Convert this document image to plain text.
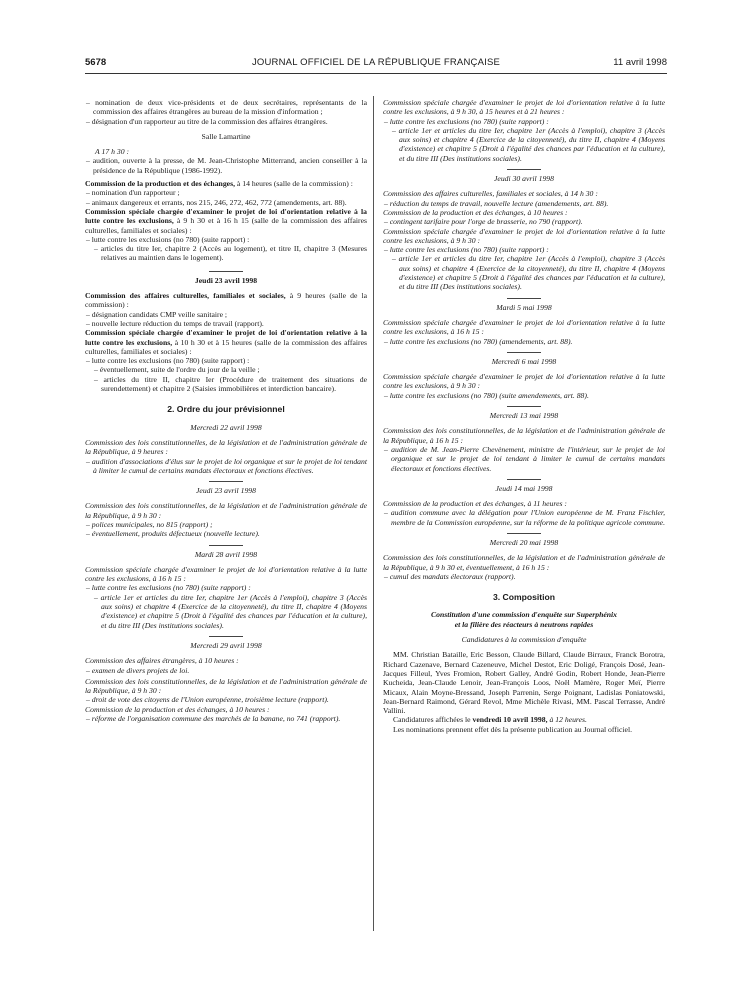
5678	JOURNAL OFFICIEL DE LA RÉPUBLIQUE FRANÇAISE	11 avril 1998

– nomination de deux vice-présidents et de deux secrétaires, représentants de la commission des affaires étrangères au bureau de la mission d'information ;

– désignation d'un rapporteur au titre de la commission des affaires étrangères.

Salle Lamartine

A 17 h 30 :

– audition, ouverte à la presse, de M. Jean-Christophe Mitterrand, ancien conseiller à la présidence de la République (1986-1992).

Commission de la production et des échanges, à 14 heures (salle de la commission) :

– nomination d'un rapporteur ;

– animaux dangereux et errants, nos 215, 246, 272, 462, 772 (amendements, art. 88).

Commission spéciale chargée d'examiner le projet de loi d'orientation relative à la lutte contre les exclusions, à 9 h 30 et à 16 h 15 (salle de la commission des affaires culturelles, familiales et sociales) :

– lutte contre les exclusions (no 780) (suite rapport) :

– articles du titre Ier, chapitre 2 (Accès au logement), et titre II, chapitre 3 (Mesures relatives au maintien dans le logement).

Jeudi 23 avril 1998

Commission des affaires culturelles, familiales et sociales, à 9 heures (salle de la commission) :

– désignation candidats CMP veille sanitaire ;

– nouvelle lecture réduction du temps de travail (rapport).

Commission spéciale chargée d'examiner le projet de loi d'orientation relative à la lutte contre les exclusions, à 10 h 30 et à 15 heures (salle de la commission des affaires culturelles, familiales et sociales) :

– lutte contre les exclusions (no 780) (suite rapport) :

– éventuellement, suite de l'ordre du jour de la veille ;

– articles du titre II, chapitre Ier (Procédure de traitement des situations de surendettement) et chapitre 2 (Saisies immobilières et interdiction bancaire).

2. Ordre du jour prévisionnel

Mercredi 22 avril 1998

Commission des lois constitutionnelles, de la législation et de l'administration générale de la République, à 9 heures :

– audition d'associations d'élus sur le projet de loi organique et sur le projet de loi tendant à limiter le cumul de certains mandats électoraux et fonctions électives.

Jeudi 23 avril 1998

Commission des lois constitutionnelles, de la législation et de l'administration générale de la République, à 9 h 30 :

– polices municipales, no 815 (rapport) ;

– éventuellement, produits défectueux (nouvelle lecture).

Mardi 28 avril 1998

Commission spéciale chargée d'examiner le projet de loi d'orientation relative à la lutte contre les exclusions, à 16 h 15 :

– lutte contre les exclusions (no 780) (suite rapport) :

– article 1er et articles du titre Ier, chapitre 1er (Accès à l'emploi), chapitre 3 (Accès aux soins) et chapitre 4 (Exercice de la citoyenneté), du titre II, chapitre 4 (Moyens d'existence) et chapitre 5 (Droit à l'égalité des chances par l'éducation et la culture), et du titre III (Des institutions sociales).

Mercredi 29 avril 1998

Commission des affaires étrangères, à 10 heures :

– examen de divers projets de loi.

Commission des lois constitutionnelles, de la législation et de l'administration générale de la République, à 9 h 30 :

– droit de vote des citoyens de l'Union européenne, troisième lecture (rapport).

Commission de la production et des échanges, à 10 heures :

– réforme de l'organisation commune des marchés de la banane, no 741 (rapport).

Commission spéciale chargée d'examiner le projet de loi d'orientation relative à la lutte contre les exclusions, à 9 h 30, à 15 heures et à 21 heures :

– lutte contre les exclusions (no 780) (suite rapport) :

– article 1er et articles du titre Ier, chapitre 1er (Accès à l'emploi), chapitre 3 (Accès aux soins) et chapitre 4 (Exercice de la citoyenneté), du titre II, chapitre 4 (Moyens d'existence) et chapitre 5 (Droit à l'égalité des chances par l'éducation et la culture), et du titre III (Des institutions sociales).

Jeudi 30 avril 1998

Commission des affaires culturelles, familiales et sociales, à 14 h 30 :

– réduction du temps de travail, nouvelle lecture (amendements, art. 88).

Commission de la production et des échanges, à 10 heures :

– contingent tarifaire pour l'orge de brasserie, no 790 (rapport).

Commission spéciale chargée d'examiner le projet de loi d'orientation relative à la lutte contre les exclusions, à 9 h 30 :

– lutte contre les exclusions (no 780) (suite rapport) :

– article 1er et articles du titre Ier, chapitre 1er (Accès à l'emploi), chapitre 3 (Accès aux soins) et chapitre 4 (Exercice de la citoyenneté), du titre II, chapitre 4 (Moyens d'existence) et chapitre 5 (Droit à l'égalité des chances par l'éducation et la culture), et du titre III (Des institutions sociales).

Mardi 5 mai 1998

Commission spéciale chargée d'examiner le projet de loi d'orientation relative à la lutte contre les exclusions, à 16 h 15 :

– lutte contre les exclusions (no 780) (amendements, art. 88).

Mercredi 6 mai 1998

Commission spéciale chargée d'examiner le projet de loi d'orientation relative à la lutte contre les exclusions, à 9 h 30 :

– lutte contre les exclusions (no 780) (suite amendements, art. 88).

Mercredi 13 mai 1998

Commission des lois constitutionnelles, de la législation et de l'administration générale de la République, à 16 h 15 :

– audition de M. Jean-Pierre Chevènement, ministre de l'intérieur, sur le projet de loi organique et sur le projet de loi tendant à limiter le cumul de certains mandats électoraux et fonctions électives.

Jeudi 14 mai 1998

Commission de la production et des échanges, à 11 heures :

– audition commune avec la délégation pour l'Union européenne de M. Franz Fischler, membre de la Commission européenne, sur la réforme de la politique agricole commune.

Mercredi 20 mai 1998

Commission des lois constitutionnelles, de la législation et de l'administration générale de la République, à 9 h 30 et, éventuellement, à 16 h 15 :

– cumul des mandats électoraux (rapport).

3. Composition

Constitution d'une commission d'enquête sur Superphénix

et la filière des réacteurs à neutrons rapides

Candidatures à la commission d'enquête

MM. Christian Bataille, Eric Besson, Claude Billard, Claude Birraux, Franck Borotra, Richard Cazenave, Bernard Cazeneuve, Michel Destot, Eric Doligé, François Dosé, Jean-Jacques Filleul, Yves Fromion, Robert Galley, André Godin, Robert Honde, Jean-Pierre Kucheida, Jean-Claude Lenoir, Jean-François Loos, Noël Mamère, Roger Meï, Pierre Micaux, Alain Moyne-Bressand, Joseph Parrenin, Serge Poignant, Ladislas Poniatowski, Jean-Bernard Raimond, Gérard Revol, Mme Michèle Rivasi, MM. Pascal Terrasse, André Vallini.

Candidatures affichées le vendredi 10 avril 1998, à 12 heures.

Les nominations prennent effet dès la présente publication au Journal officiel.
